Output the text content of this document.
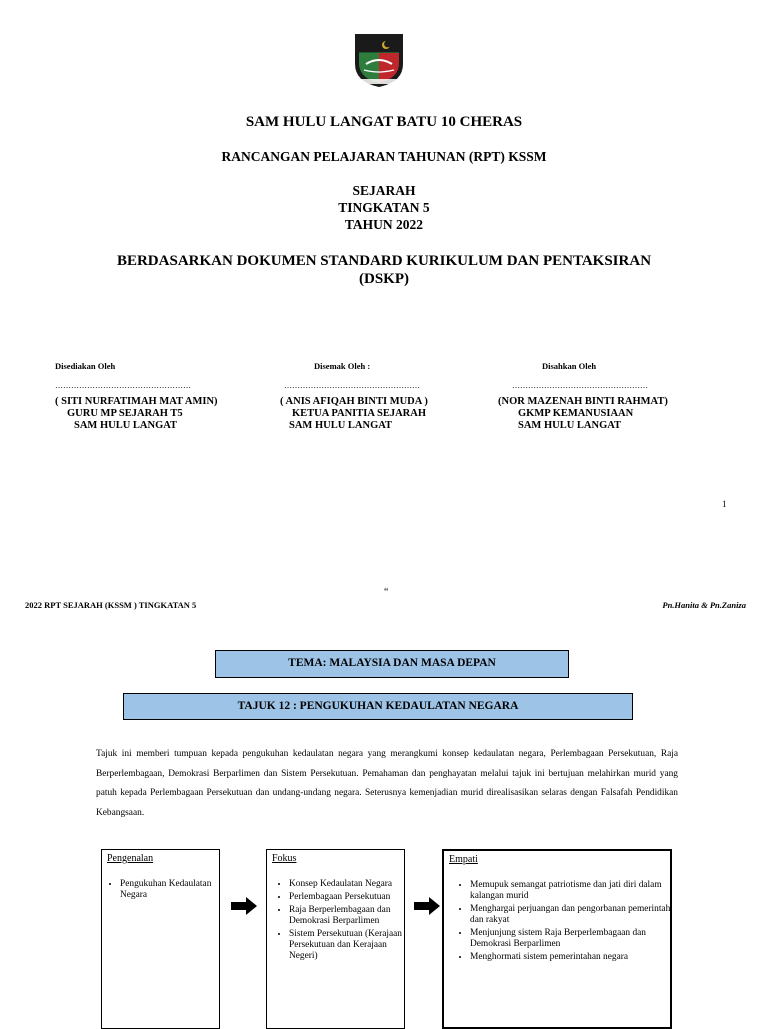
SAM HULU LANGAT BATU 10 CHERAS
RANCANGAN PELAJARAN TAHUNAN (RPT) KSSM
SEJARAH
TINGKATAN 5
TAHUN 2022
BERDASARKAN DOKUMEN STANDARD KURIKULUM DAN PENTAKSIRAN
(DSKP)
Disediakan Oleh
……………………………………………
( SITI NURFATIMAH MAT AMIN)
GURU MP SEJARAH T5
SAM HULU LANGAT
Disemak Oleh :
……………………………………………
( ANIS AFIQAH BINTI MUDA )
KETUA PANITIA SEJARAH
SAM HULU LANGAT
Disahkan Oleh
……………………………………………
(NOR MAZENAH BINTI RAHMAT)
GKMP KEMANUSIAAN
SAM HULU LANGAT
1
“
2022 RPT SEJARAH (KSSM ) TINGKATAN 5	Pn.Hanita & Pn.Zaniza
TEMA: MALAYSIA DAN MASA DEPAN
TAJUK 12 : PENGUKUHAN KEDAULATAN NEGARA
Tajuk ini memberi tumpuan kepada pengukuhan kedaulatan negara yang merangkumi konsep kedaulatan negara, Perlembagaan Persekutuan, Raja Berperlembagaan, Demokrasi Berparlimen dan Sistem Persekutuan. Pemahaman dan penghayatan melalui tajuk ini bertujuan melahirkan murid yang patuh kepada Perlembagaan Persekutuan dan undang-undang negara. Seterusnya kemenjadian murid direalisasikan selaras dengan Falsafah Pendidikan Kebangsaan.
Pengenalan
• Pengukuhan Kedaulatan Negara
Fokus
• Konsep Kedaulatan Negara
• Perlembagaan Persekutuan
• Raja Berperlembagaan dan Demokrasi Berparlimen
• Sistem Persekutuan (Kerajaan Persekutuan dan Kerajaan Negeri)
Empati
• Memupuk semangat patriotisme dan jati diri dalam kalangan murid
• Menghargai perjuangan dan pengorbanan pemerintah dan rakyat
• Menjunjung sistem Raja Berperlembagaan dan Demokrasi Berparlimen
• Menghormati sistem pemerintahan negara
